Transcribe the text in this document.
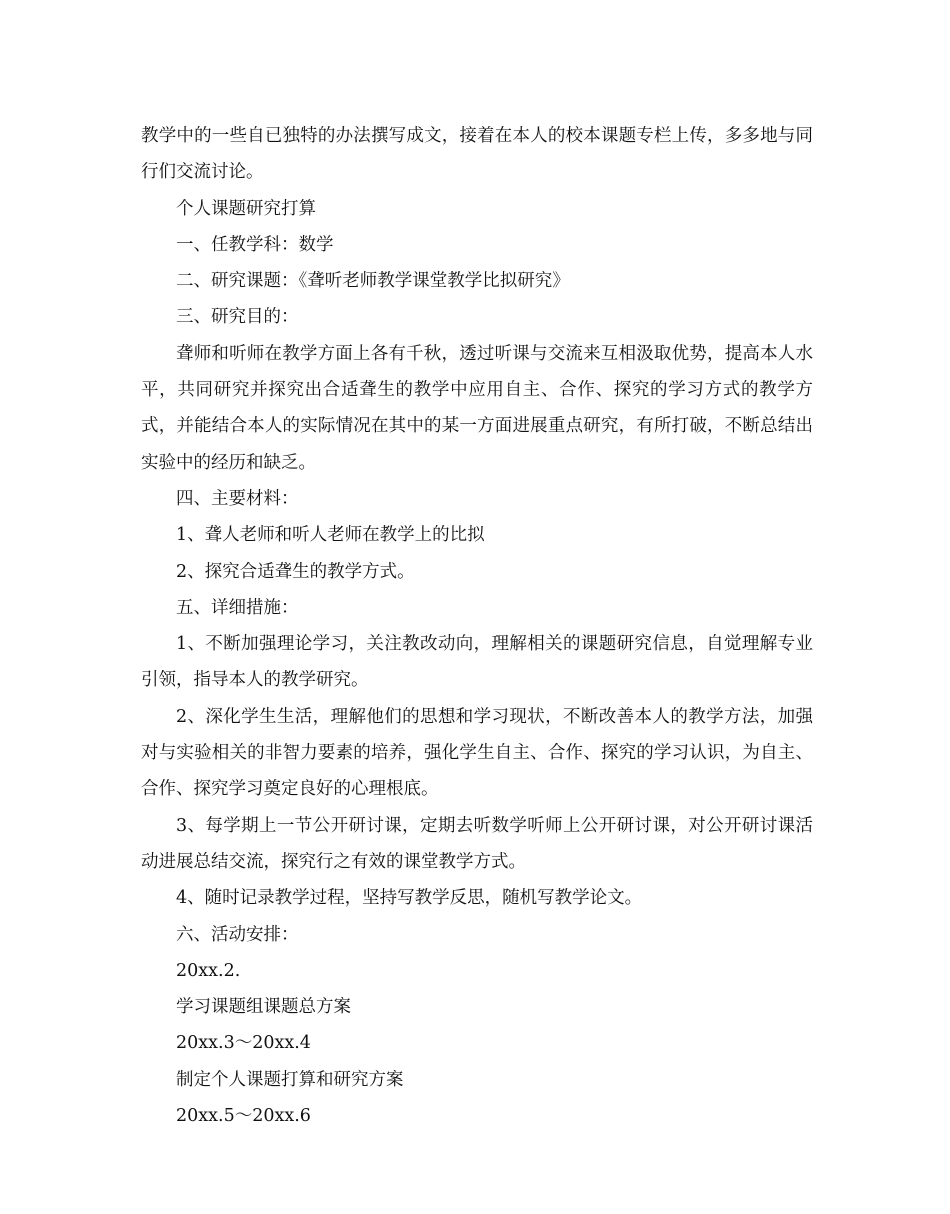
教学中的一些自已独特的办法撰写成文，接着在本人的校本课题专栏上传，多多地与同行们交流讨论。

个人课题研究打算

一、任教学科：数学

二、研究课题：《聋听老师教学课堂教学比拟研究》

三、研究目的：

聋师和听师在教学方面上各有千秋，透过听课与交流来互相汲取优势，提高本人水平，共同研究并探究出合适聋生的教学中应用自主、合作、探究的学习方式的教学方式，并能结合本人的实际情况在其中的某一方面进展重点研究，有所打破，不断总结出实验中的经历和缺乏。

四、主要材料：

1、聋人老师和听人老师在教学上的比拟

2、探究合适聋生的教学方式。

五、详细措施：

1、不断加强理论学习，关注教改动向，理解相关的课题研究信息，自觉理解专业引领，指导本人的教学研究。

2、深化学生生活，理解他们的思想和学习现状，不断改善本人的教学方法，加强对与实验相关的非智力要素的培养，强化学生自主、合作、探究的学习认识，为自主、合作、探究学习奠定良好的心理根底。

3、每学期上一节公开研讨课，定期去听数学听师上公开研讨课，对公开研讨课活动进展总结交流，探究行之有效的课堂教学方式。

4、随时记录教学过程，坚持写教学反思，随机写教学论文。

六、活动安排：

20xx.2.

学习课题组课题总方案

20xx.3～20xx.4

制定个人课题打算和研究方案

20xx.5～20xx.6
